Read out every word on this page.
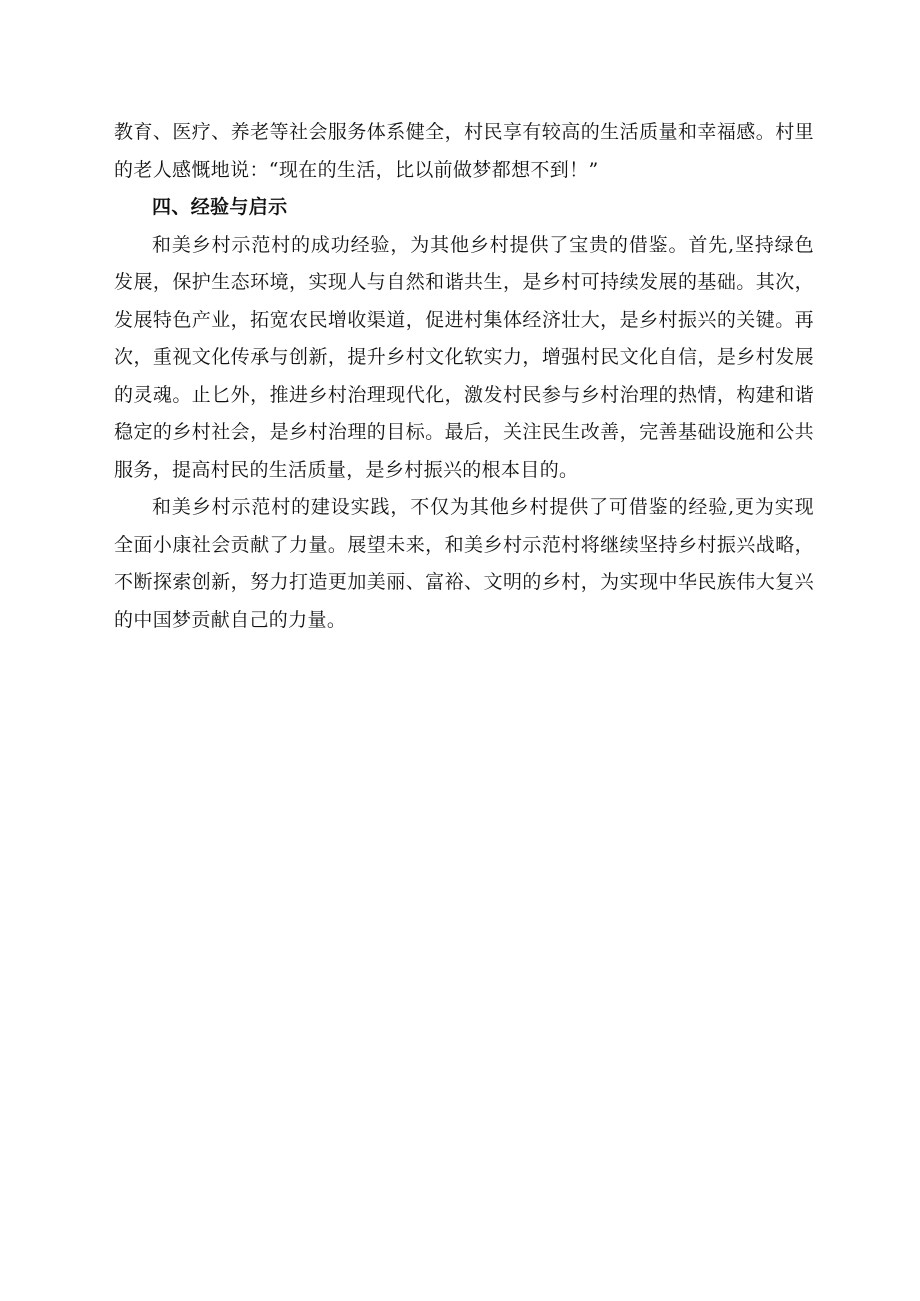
教育、医疗、养老等社会服务体系健全，村民享有较高的生活质量和幸福感。村里的老人感慨地说：“现在的生活，比以前做梦都想不到！”

四、经验与启示

和美乡村示范村的成功经验，为其他乡村提供了宝贵的借鉴。首先,坚持绿色发展，保护生态环境，实现人与自然和谐共生，是乡村可持续发展的基础。其次，发展特色产业，拓宽农民增收渠道，促进村集体经济壮大，是乡村振兴的关键。再次，重视文化传承与创新，提升乡村文化软实力，增强村民文化自信，是乡村发展的灵魂。止匕外，推进乡村治理现代化，激发村民参与乡村治理的热情，构建和谐稳定的乡村社会，是乡村治理的目标。最后，关注民生改善，完善基础设施和公共服务，提高村民的生活质量，是乡村振兴的根本目的。

和美乡村示范村的建设实践，不仅为其他乡村提供了可借鉴的经验,更为实现全面小康社会贡献了力量。展望未来，和美乡村示范村将继续坚持乡村振兴战略，不断探索创新，努力打造更加美丽、富裕、文明的乡村，为实现中华民族伟大复兴的中国梦贡献自己的力量。
